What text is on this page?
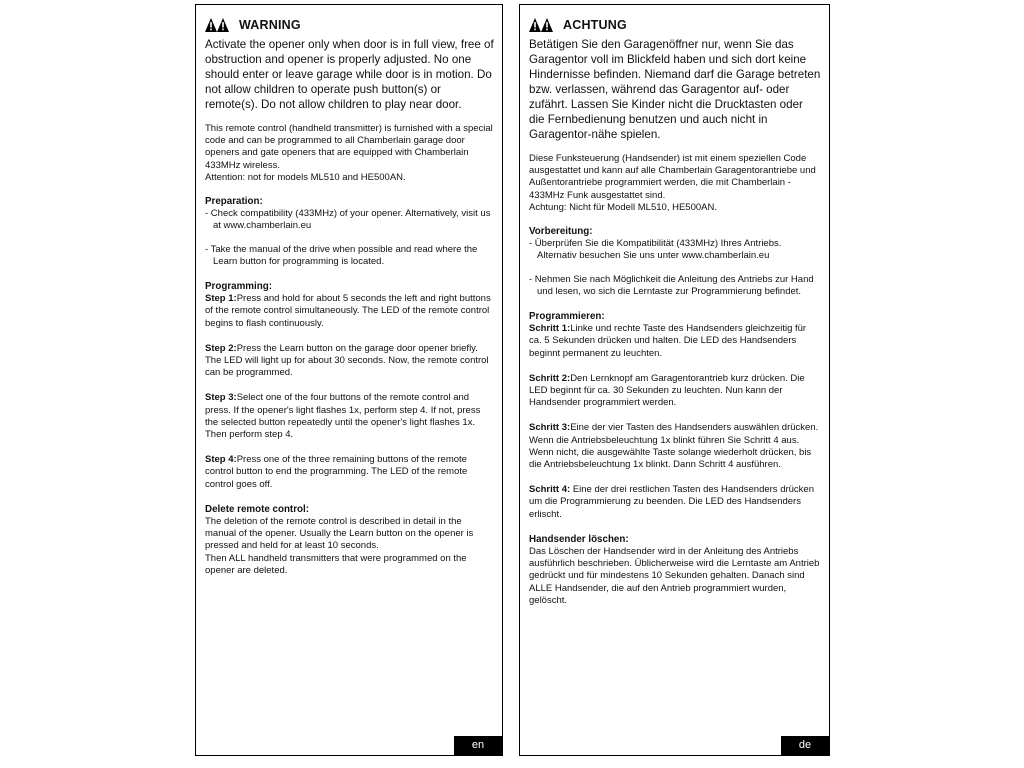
WARNING

Activate the opener only when door is in full view, free of obstruction and opener is properly adjusted. No one should enter or leave garage while door is in motion. Do not allow children to operate push button(s) or remote(s). Do not allow children to play near door.

This remote control (handheld transmitter) is furnished with a special code and can be programmed to all Chamberlain garage door openers and gate openers that are equipped with Chamberlain 433MHz wireless.

Attention: not for models ML510 and HE500AN.

Preparation:

- Check compatibility (433MHz) of your opener. Alternatively, visit us at www.chamberlain.eu

- Take the manual of the drive when possible and read where the Learn button for programming is located.

Programming:

Step 1:Press and hold for about 5 seconds the left and right buttons of the remote control simultaneously. The LED of the remote control begins to flash continuously.

Step 2:Press the Learn button on the garage door opener briefly. The LED will light up for about 30 seconds. Now, the remote control can be programmed.

Step 3:Select one of the four buttons of the remote control and press. If the opener's light flashes 1x, perform step 4. If not, press the selected button repeatedly until the opener's light flashes 1x. Then perform step 4.

Step 4:Press one of the three remaining buttons of the remote control button to end the programming. The LED of the remote control goes off.

Delete remote control:

The deletion of the remote control is described in detail in the manual of the opener. Usually the Learn button on the opener is pressed and held for at least 10 seconds.

Then ALL handheld transmitters that were programmed on the opener are deleted.

en
ACHTUNG

Betätigen Sie den Garagenöffner nur, wenn Sie das Garagentor voll im Blickfeld haben und sich dort keine Hindernisse befinden. Niemand darf die Garage betreten bzw. verlassen, während das Garagentor auf- oder zufährt. Lassen Sie Kinder nicht die Drucktasten oder die Fernbedienung benutzen und auch nicht in Garagentor-nähe spielen.

Diese Funksteuerung (Handsender) ist mit einem speziellen Code ausgestattet und kann auf alle Chamberlain Garagentorantriebe und Außentorantriebe programmiert werden, die mit Chamberlain - 433MHz Funk ausgestattet sind.

Achtung: Nicht für Modell ML510, HE500AN.

Vorbereitung:

- Überprüfen Sie die Kompatibilität (433MHz) Ihres Antriebs. Alternativ besuchen Sie uns unter www.chamberlain.eu

- Nehmen Sie nach Möglichkeit die Anleitung des Antriebs zur Hand und lesen, wo sich die Lerntaste zur Programmierung befindet.

Programmieren:

Schritt 1:Linke und rechte Taste des Handsenders gleichzeitig für ca. 5 Sekunden drücken und halten. Die LED des Handsenders beginnt permanent zu leuchten.

Schritt 2:Den Lernknopf am Garagentorantrieb kurz drücken. Die LED beginnt für ca. 30 Sekunden zu leuchten. Nun kann der Handsender programmiert werden.

Schritt 3:Eine der vier Tasten des Handsenders auswählen drücken. Wenn die Antriebsbeleuchtung 1x blinkt führen Sie Schritt 4 aus. Wenn nicht, die ausgewählte Taste solange wiederholt drücken, bis die Antriebsbeleuchtung 1x blinkt. Dann Schritt 4 ausführen.

Schritt 4: Eine der drei restlichen Tasten des Handsenders drücken um die Programmierung zu beenden. Die LED des Handsenders erlischt.

Handsender löschen:

Das Löschen der Handsender wird in der Anleitung des Antriebs ausführlich beschrieben. Üblicherweise wird die Lerntaste am Antrieb gedrückt und für mindestens 10 Sekunden gehalten. Danach sind ALLE Handsender, die auf den Antrieb programmiert wurden, gelöscht.

de
